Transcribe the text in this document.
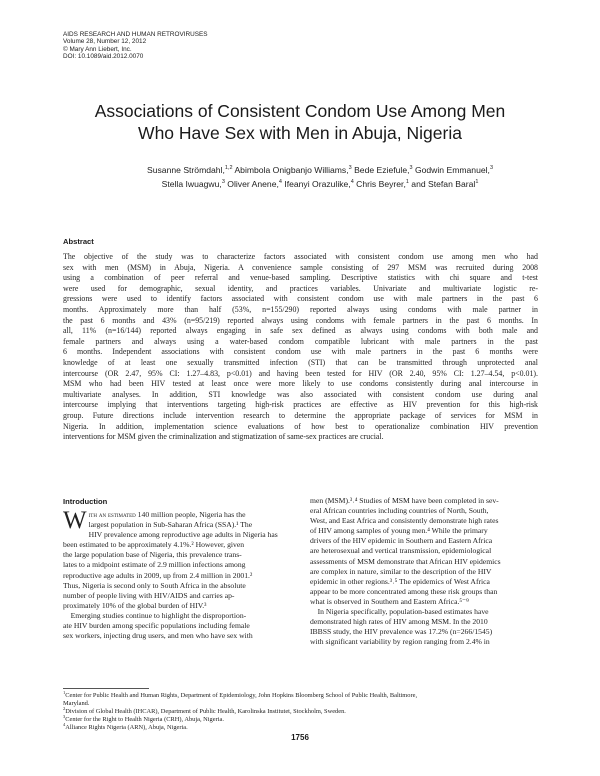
AIDS RESEARCH AND HUMAN RETROVIRUSES
Volume 28, Number 12, 2012
© Mary Ann Liebert, Inc.
DOI: 10.1089/aid.2012.0070
Associations of Consistent Condom Use Among Men
Who Have Sex with Men in Abuja, Nigeria
Susanne Strömdahl,$^{1,2}$ Abimbola Onigbanjo Williams,$^3$ Bede Eziefule,$^3$ Godwin Emmanuel,$^3$
Stella Iwuagwu,$^3$ Oliver Anene,$^4$ Ifeanyi Orazulike,$^4$ Chris Beyrer,$^1$ and Stefan Baral$^1$
Abstract
The objective of the study was to characterize factors associated with consistent condom use among men who had
sex with men (MSM) in Abuja, Nigeria. A convenience sample consisting of 297 MSM was recruited during 2008
using a combination of peer referral and venue-based sampling. Descriptive statistics with chi square and t-test
were used for demographic, sexual identity, and practices variables. Univariate and multivariate logistic re-
gressions were used to identify factors associated with consistent condom use with male partners in the past 6
months. Approximately more than half (53%, n=155/290) reported always using condoms with male partner in
the past 6 months and 43% (n=95/219) reported always using condoms with female partners in the past 6 months. In
all, 11% (n=16/144) reported always engaging in safe sex defined as always using condoms with both male and
female partners and always using a water-based condom compatible lubricant with male partners in the past
6 months. Independent associations with consistent condom use with male partners in the past 6 months were
knowledge of at least one sexually transmitted infection (STI) that can be transmitted through unprotected anal
intercourse (OR 2.47, 95% CI: 1.27–4.83, p<0.01) and having been tested for HIV (OR 2.40, 95% CI: 1.27–4.54, p<0.01).
MSM who had been HIV tested at least once were more likely to use condoms consistently during anal intercourse in
multivariate analyses. In addition, STI knowledge was also associated with consistent condom use during anal
intercourse implying that interventions targeting high-risk practices are effective as HIV prevention for this high-risk
group. Future directions include intervention research to determine the appropriate package of services for MSM in
Nigeria. In addition, implementation science evaluations of how best to operationalize combination HIV prevention
interventions for MSM given the criminalization and stigmatization of same-sex practices are crucial.
Introduction
With an estimated 140 million people, Nigeria has the
largest population in Sub-Saharan Africa (SSA).¹ The
HIV prevalence among reproductive age adults in Nigeria has
been estimated to be approximately 4.1%.² However, given
the large population base of Nigeria, this prevalence trans-
lates to a midpoint estimate of 2.9 million infections among
reproductive age adults in 2009, up from 2.4 million in 2001.²
Thus, Nigeria is second only to South Africa in the absolute
number of people living with HIV/AIDS and carries ap-
proximately 10% of the global burden of HIV.³
Emerging studies continue to highlight the disproportion-
ate HIV burden among specific populations including female
sex workers, injecting drug users, and men who have sex with
men (MSM).³˒⁴ Studies of MSM have been completed in sev-
eral African countries including countries of North, South,
West, and East Africa and consistently demonstrate high rates
of HIV among samples of young men.⁴ While the primary
drivers of the HIV epidemic in Southern and Eastern Africa
are heterosexual and vertical transmission, epidemiological
assessments of MSM demonstrate that African HIV epidemics
are complex in nature, similar to the description of the HIV
epidemic in other regions.³˒⁵ The epidemics of West Africa
appear to be more concentrated among these risk groups than
what is observed in Southern and Eastern Africa.⁵⁻⁹
In Nigeria specifically, population-based estimates have
demonstrated high rates of HIV among MSM. In the 2010
IBBSS study, the HIV prevalence was 17.2% (n=266/1545)
with significant variability by region ranging from 2.4% in
$^1$Center for Public Health and Human Rights, Department of Epidemiology, John Hopkins Bloomberg School of Public Health, Baltimore,
Maryland.
$^2$Division of Global Health (IHCAR), Department of Public Health, Karolinska Institutet, Stockholm, Sweden.
$^3$Center for the Right to Health Nigeria (CRH), Abuja, Nigeria.
$^4$Alliance Rights Nigeria (ARN), Abuja, Nigeria.
1756
